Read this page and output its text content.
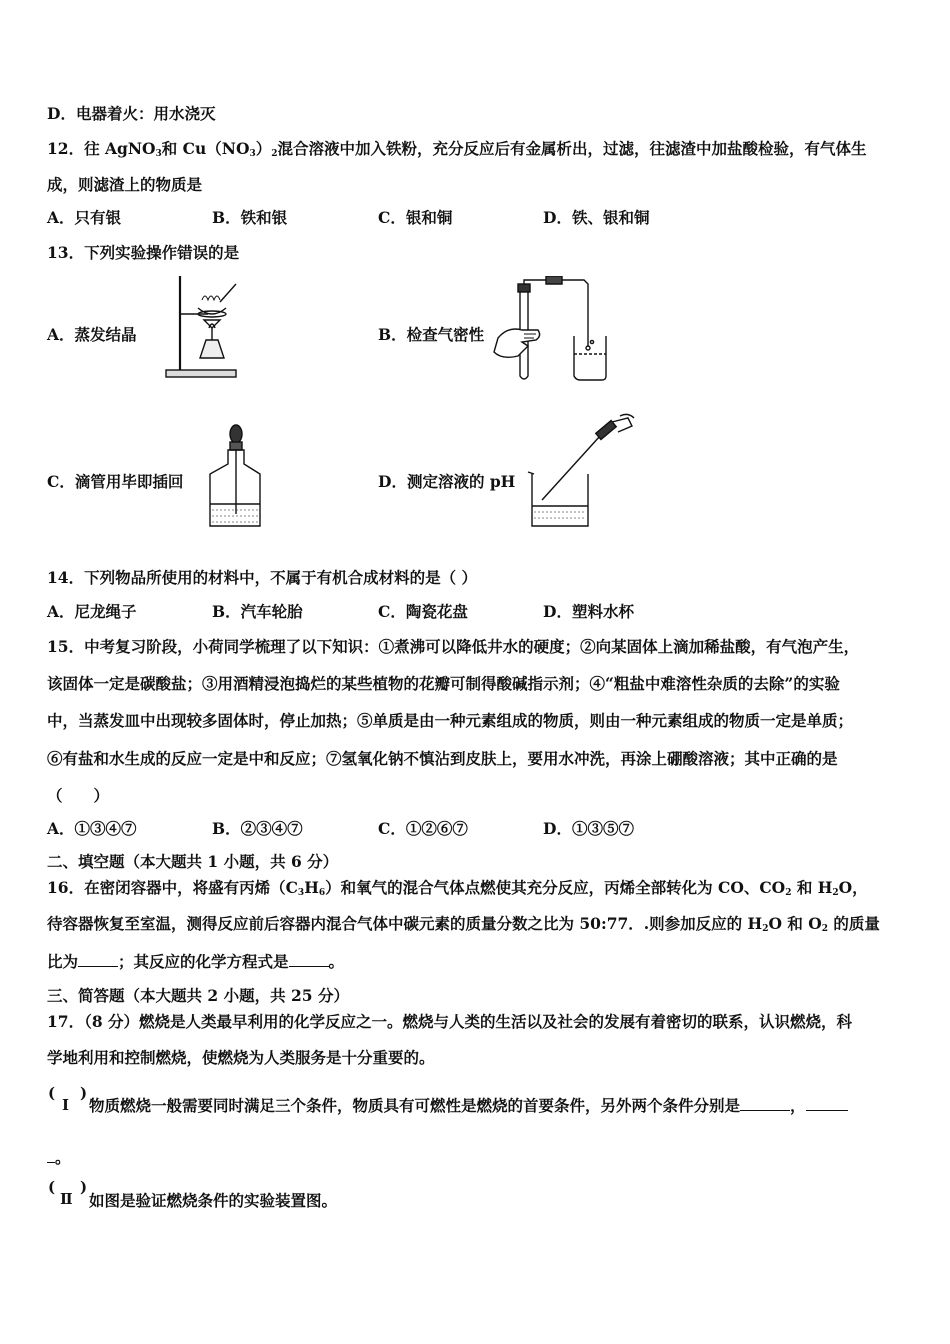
D．电器着火：用水浇灭
12．往 AgNO$_3$和 $Cu(NO_3)_2$混合溶液中加入铁粉，充分反应后有金属析出，过滤，往滤渣中加盐酸检验，有气体生
成，则滤渣上的物质是
A．只有银	B．铁和银	C．银和铜	D．铁、银和铜
13．下列实验操作错误的是
A．蒸发结晶	B．检查气密性
C．滴管用毕即插回	D．测定溶液的 pH
14．下列物品所使用的材料中，不属于有机合成材料的是（ ）
A．尼龙绳子	B．汽车轮胎	C．陶瓷花盘	D．塑料水杯
15．中考复习阶段，小荷同学梳理了以下知识：①煮沸可以降低井水的硬度；②向某固体上滴加稀盐酸，有气泡产生，
该固体一定是碳酸盐；③用酒精浸泡捣烂的某些植物的花瓣可制得酸碱指示剂；④“粗盐中难溶性杂质的去除”的实验
中，当蒸发皿中出现较多固体时，停止加热；⑤单质是由一种元素组成的物质，则由一种元素组成的物质一定是单质；
⑥有盐和水生成的反应一定是中和反应；⑦氢氧化钠不慎沾到皮肤上，要用水冲洗，再涂上硼酸溶液；其中正确的是
（　　）
A．①③④⑦	B．②③④⑦	C．①②⑥⑦	D．①③⑤⑦
二、填空题（本大题共 1 小题，共 6 分）
16．在密闭容器中，将盛有丙烯$(C_3H_6)$和氧气的混合气体点燃使其充分反应，丙烯全部转化为 CO、$CO_2$ 和 $H_2O$，
待容器恢复至室温，测得反应前后容器内混合气体中碳元素的质量分数之比为 50:77．.则参加反应的 $H_2O$ 和 $O_2$ 的质量
比为	；其反应的化学方程式是	。
三、简答题（本大题共 2 小题，共 25 分）
17．（8 分）燃烧是人类最早利用的化学反应之一。燃烧与人类的生活以及社会的发展有着密切的联系，认识燃烧，科
学地利用和控制燃烧，使燃烧为人类服务是十分重要的。
( )
Ⅰ 物质燃烧一般需要同时满足三个条件，物质具有可燃性是燃烧的首要条件，另外两个条件分别是	，
。
( )
Ⅱ 如图是验证燃烧条件的实验装置图。
